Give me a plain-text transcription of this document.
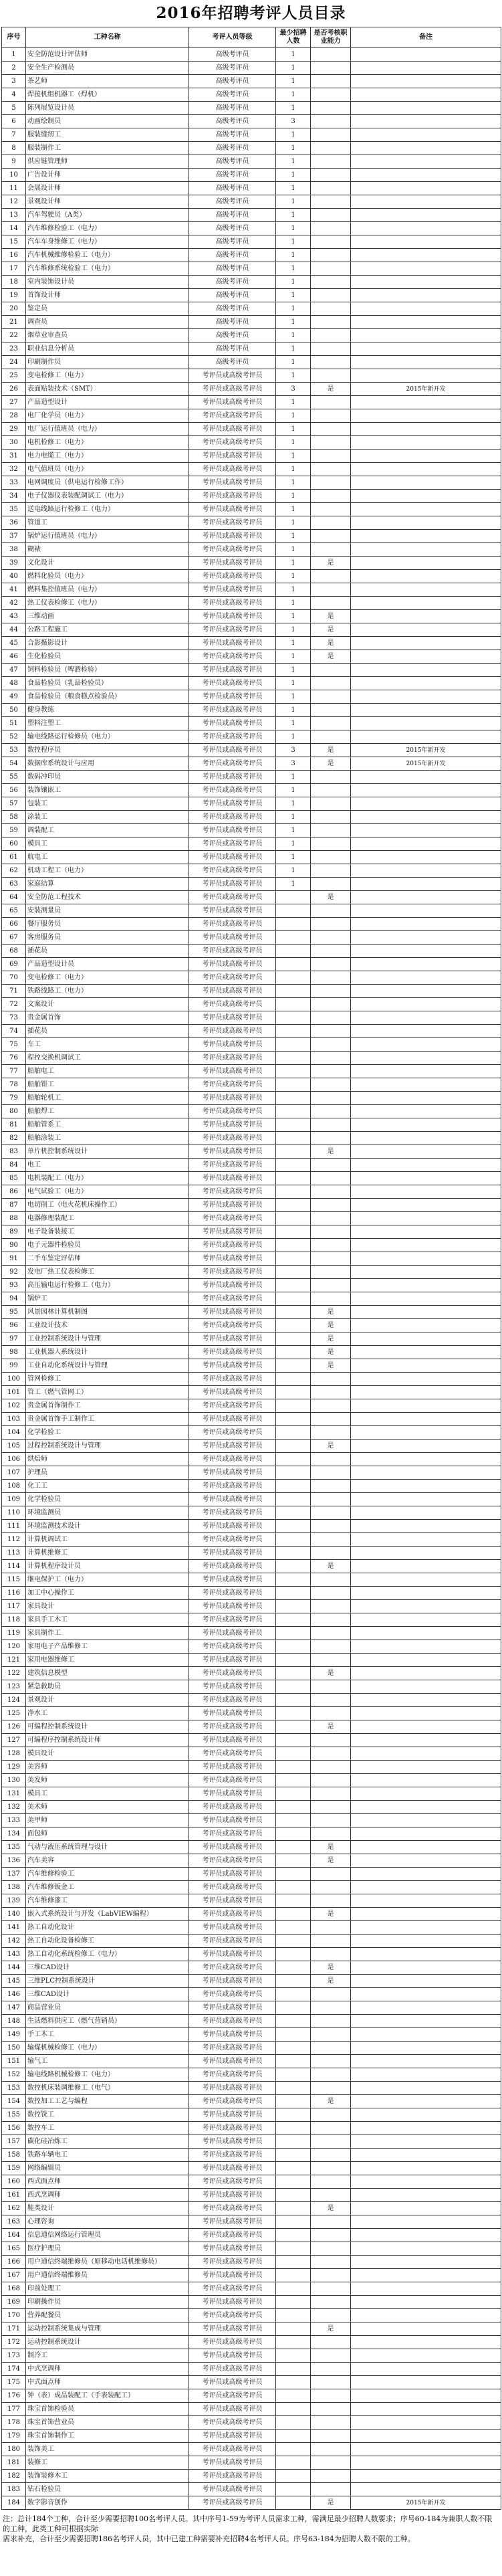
2016年招聘考评人员目录
序号	工种名称	考评人员等级	最少招聘人数	是否考核职业能力	备注
1	安全防范设计评估师	高级考评员	1		
2	安全生产检测员	高级考评员	1		
3	茶艺师	高级考评员	1		
4	焊接机组机器工（焊机）	高级考评员	1		
5	陈列展览设计员	高级考评员	1		
6	动画绘制员	高级考评员	3		
7	服装缝纫工	高级考评员	1		
8	服装制作工	高级考评员	1		
9	供应链管理师	高级考评员	1		
10	广告设计师	高级考评员	1		
11	会展设计师	高级考评员	1		
12	景观设计师	高级考评员	1		
13	汽车驾驶员（A类）	高级考评员	1		
14	汽车维修检验工（电力）	高级考评员	1		
15	汽车车身维修工（电力）	高级考评员	1		
16	汽车机械维修检验工（电力）	高级考评员	1		
17	汽车维修系统检验工（电力）	高级考评员	1		
18	室内装饰设计员	高级考评员	1		
19	首饰设计师	高级考评员	1		
20	鉴定员	高级考评员	1		
21	调查员	高级考评员	1		
22	烟草业审查员	高级考评员	1		
23	职业信息分析员	高级考评员	1		
24	印刷制作员	高级考评员	1		
25	变电检修工（电力）	考评员或高级考评员	1		
26	表面贴装技术（SMT）	考评员或高级考评员	3	是	2015年新开发
27	产品造型设计	考评员或高级考评员	1		
28	电厂化学员（电力）	考评员或高级考评员	1		
29	电厂运行值班员（电力）	考评员或高级考评员	1		
30	电机检修工（电力）	考评员或高级考评员	1		
31	电力电缆工（电力）	考评员或高级考评员	1		
32	电气值班员（电力）	考评员或高级考评员	1		
33	电网调度员（供电运行检修工作）	考评员或高级考评员	1		
34	电子仪器仪表装配调试工（电力）	考评员或高级考评员	1		
35	送电线路运行检修工（电力）	考评员或高级考评员	1		
36	管道工	考评员或高级考评员	1		
37	锅炉运行值班员（电力）	考评员或高级考评员	1		
38	糊裱	考评员或高级考评员	1		
39	文化设计	考评员或高级考评员	1	是	
40	燃料化验员（电力）	考评员或高级考评员	1		
41	燃料集控值班员（电力）	考评员或高级考评员	1		
42	热工仪表检修工（电力）	考评员或高级考评员	1		
43	三维动画	考评员或高级考评员	1	是	
44	公路工程施工	考评员或高级考评员	1	是	
45	合影摄影设计	考评员或高级考评员	1	是	
46	生化检验员	考评员或高级考评员	1	是	
47	饲料检验员（啤酒检验）	考评员或高级考评员	1		
48	食品检验员（乳品检验员）	考评员或高级考评员	1		
49	食品检验员（粮食糕点检验员）	考评员或高级考评员	1		
50	健身教练	考评员或高级考评员	1		
51	塑料注塑工	考评员或高级考评员	1		
52	输电线路运行检修员（电力）	考评员或高级考评员	1		
53	数控程序员	考评员或高级考评员	3	是	2015年新开发
54	数据库系统设计与应用	考评员或高级考评员	3	是	2015年新开发
55	数码冲印员	考评员或高级考评员	1		
56	装饰镶嵌工	考评员或高级考评员	1		
57	包装工	考评员或高级考评员	1		
58	涂装工	考评员或高级考评员	1		
59	调装配工	考评员或高级考评员	1		
60	模具工	考评员或高级考评员	1		
61	航电工	考评员或高级考评员	1		
62	机动工程工（电力）	考评员或高级考评员	1		
63	家庭结算	考评员或高级考评员	1		
64	安全防范工程技术	考评员或高级考评员		是	
65	安装测量员	考评员或高级考评员			
66	餐厅服务员	考评员或高级考评员			
67	客房服务员	考评员或高级考评员			
68	插花员	考评员或高级考评员			
69	产品造型设计员	考评员或高级考评员			
70	变电检修工（电力）	考评员或高级考评员			
71	铁路线路工（电力）	考评员或高级考评员			
72	文案设计	考评员或高级考评员			
73	贵金属首饰	考评员或高级考评员			
74	插花员	考评员或高级考评员			
75	车工	考评员或高级考评员			
76	程控交换机调试工	考评员或高级考评员			
77	船舶电工	考评员或高级考评员			
78	船舶钳工	考评员或高级考评员			
79	船舶轮机工	考评员或高级考评员			
80	船舶焊工	考评员或高级考评员			
81	船舶管系工	考评员或高级考评员			
82	船舶涂装工	考评员或高级考评员			
83	单片机控制系统设计	考评员或高级考评员		是	
84	电工	考评员或高级考评员			
85	电机装配工（电力）	考评员或高级考评员			
86	电气试验工（电力）	考评员或高级考评员			
87	电切削工（电火花机床操作工）	考评员或高级考评员			
88	电器修理装配工	考评员或高级考评员			
89	电子设备装接工	考评员或高级考评员			
90	电子元器件检验员	考评员或高级考评员			
91	二手车鉴定评估师	考评员或高级考评员			
92	发电厂热工仪表检修工	考评员或高级考评员			
93	高压输电运行检修工（电力）	考评员或高级考评员			
94	锅炉工	考评员或高级考评员			
95	风景园林计算机制图	考评员或高级考评员		是	
96	工业设计技术	考评员或高级考评员		是	
97	工业控制系统设计与管理	考评员或高级考评员		是	
98	工业机器人系统设计	考评员或高级考评员		是	
99	工业自动化系统设计与管理	考评员或高级考评员		是	
100	管网检修工	考评员或高级考评员			
101	管工（燃气管网工）	考评员或高级考评员			
102	贵金属首饰制作工	考评员或高级考评员			
103	贵金属首饰手工制作工	考评员或高级考评员			
104	化学检验工	考评员或高级考评员			
105	过程控制系统设计与管理	考评员或高级考评员		是	
106	烘焙师	考评员或高级考评员			
107	护理员	考评员或高级考评员			
108	化工工	考评员或高级考评员			
109	化学检验员	考评员或高级考评员			
110	环境监测员	考评员或高级考评员			
111	环境监测技术设计	考评员或高级考评员			
112	计算机调试工	考评员或高级考评员			
113	计算机维修工	考评员或高级考评员			
114	计算机程序设计员	考评员或高级考评员		是	
115	继电保护工（电力）	考评员或高级考评员			
116	加工中心操作工	考评员或高级考评员			
117	家具设计	考评员或高级考评员			
118	家具手工木工	考评员或高级考评员			
119	家具制作工	考评员或高级考评员			
120	家用电子产品维修工	考评员或高级考评员			
121	家用电器维修工	考评员或高级考评员			
122	建筑信息模型	考评员或高级考评员		是	
123	紧急救助员	考评员或高级考评员			
124	景观设计	考评员或高级考评员			
125	净水工	考评员或高级考评员			
126	可编程控制系统设计	考评员或高级考评员		是	
127	可编程序控制系统设计师	考评员或高级考评员			
128	模具设计	考评员或高级考评员			
129	美容师	考评员或高级考评员			
130	美发师	考评员或高级考评员			
131	模具工	考评员或高级考评员			
132	美术师	考评员或高级考评员			
133	美甲师	考评员或高级考评员			
134	面包师	考评员或高级考评员			
135	气动与液压系统管理与设计	考评员或高级考评员		是	
136	汽车美容	考评员或高级考评员		是	
137	汽车维修检验工	考评员或高级考评员			
138	汽车维修钣金工	考评员或高级考评员			
139	汽车维修漆工	考评员或高级考评员			
140	嵌入式系统设计与开发（LabVIEW编程）	考评员或高级考评员		是	
141	热工自动化设计	考评员或高级考评员			
142	热工自动化设备检修工	考评员或高级考评员			
143	热工自动化系统检修工（电力）	考评员或高级考评员			
144	三维CAD设计	考评员或高级考评员		是	
145	三维PLC控制系统设计	考评员或高级考评员		是	
146	三维CAD设计	考评员或高级考评员			
147	商品营业员	考评员或高级考评员			
148	生活燃料供应工（燃气营销员）	考评员或高级考评员			
149	手工木工	考评员或高级考评员			
150	输煤机械检修工（电力）	考评员或高级考评员			
151	输气工	考评员或高级考评员			
152	输电线路机械检修工（电力）	考评员或高级考评员			
153	数控机床装调维修工（电气）	考评员或高级考评员			
154	数控加工工艺与编程	考评员或高级考评员		是	
155	数控铣工	考评员或高级考评员			
156	数控车工	考评员或高级考评员			
157	碳化硅冶炼工	考评员或高级考评员			
158	铁路车辆电工	考评员或高级考评员			
159	网络编辑员	考评员或高级考评员			
160	西式面点师	考评员或高级考评员			
161	西式烹调师	考评员或高级考评员			
162	鞋类设计	考评员或高级考评员		是	
163	心理咨询	考评员或高级考评员			
164	信息通信网络运行管理员	考评员或高级考评员			
165	医疗护理员	考评员或高级考评员			
166	用户通信终端维修员（原移动电话机维修员）	考评员或高级考评员			
167	用户通信终端维修员	考评员或高级考评员			
168	印前处理工	考评员或高级考评员			
169	印刷操作员	考评员或高级考评员			
170	营养配餐员	考评员或高级考评员			
171	运动控制系统集成与管理	考评员或高级考评员		是	
172	运动控制系统设计	考评员或高级考评员			
173	制冷工	考评员或高级考评员			
174	中式烹调师	考评员或高级考评员			
175	中式面点师	考评员或高级考评员			
176	钟（表）成品装配工（手表装配工）	考评员或高级考评员			
177	珠宝首饰检验员	考评员或高级考评员			
178	珠宝首饰营业员	考评员或高级考评员			
179	珠宝首饰制作工	考评员或高级考评员			
180	装饰美工	考评员或高级考评员			
181	装修工	考评员或高级考评员			
182	装饰装修木工	考评员或高级考评员			
183	钻石检验员	考评员或高级考评员			
184	数字影音创作	考评员或高级考评员		是	2015年新开发
注：总计184个工种，合计至少需要招聘100名考评人员。其中序号1-59为考评人员需求工种，需满足最少招聘人数要求；序号60-184为兼职人数不限的工种，此类工种可根据实际
需求补充，合计至少需要招聘186名考评人员，其中已建工种需要补充招聘4名考评人员。序号63-184为招聘人数不限的工种。
